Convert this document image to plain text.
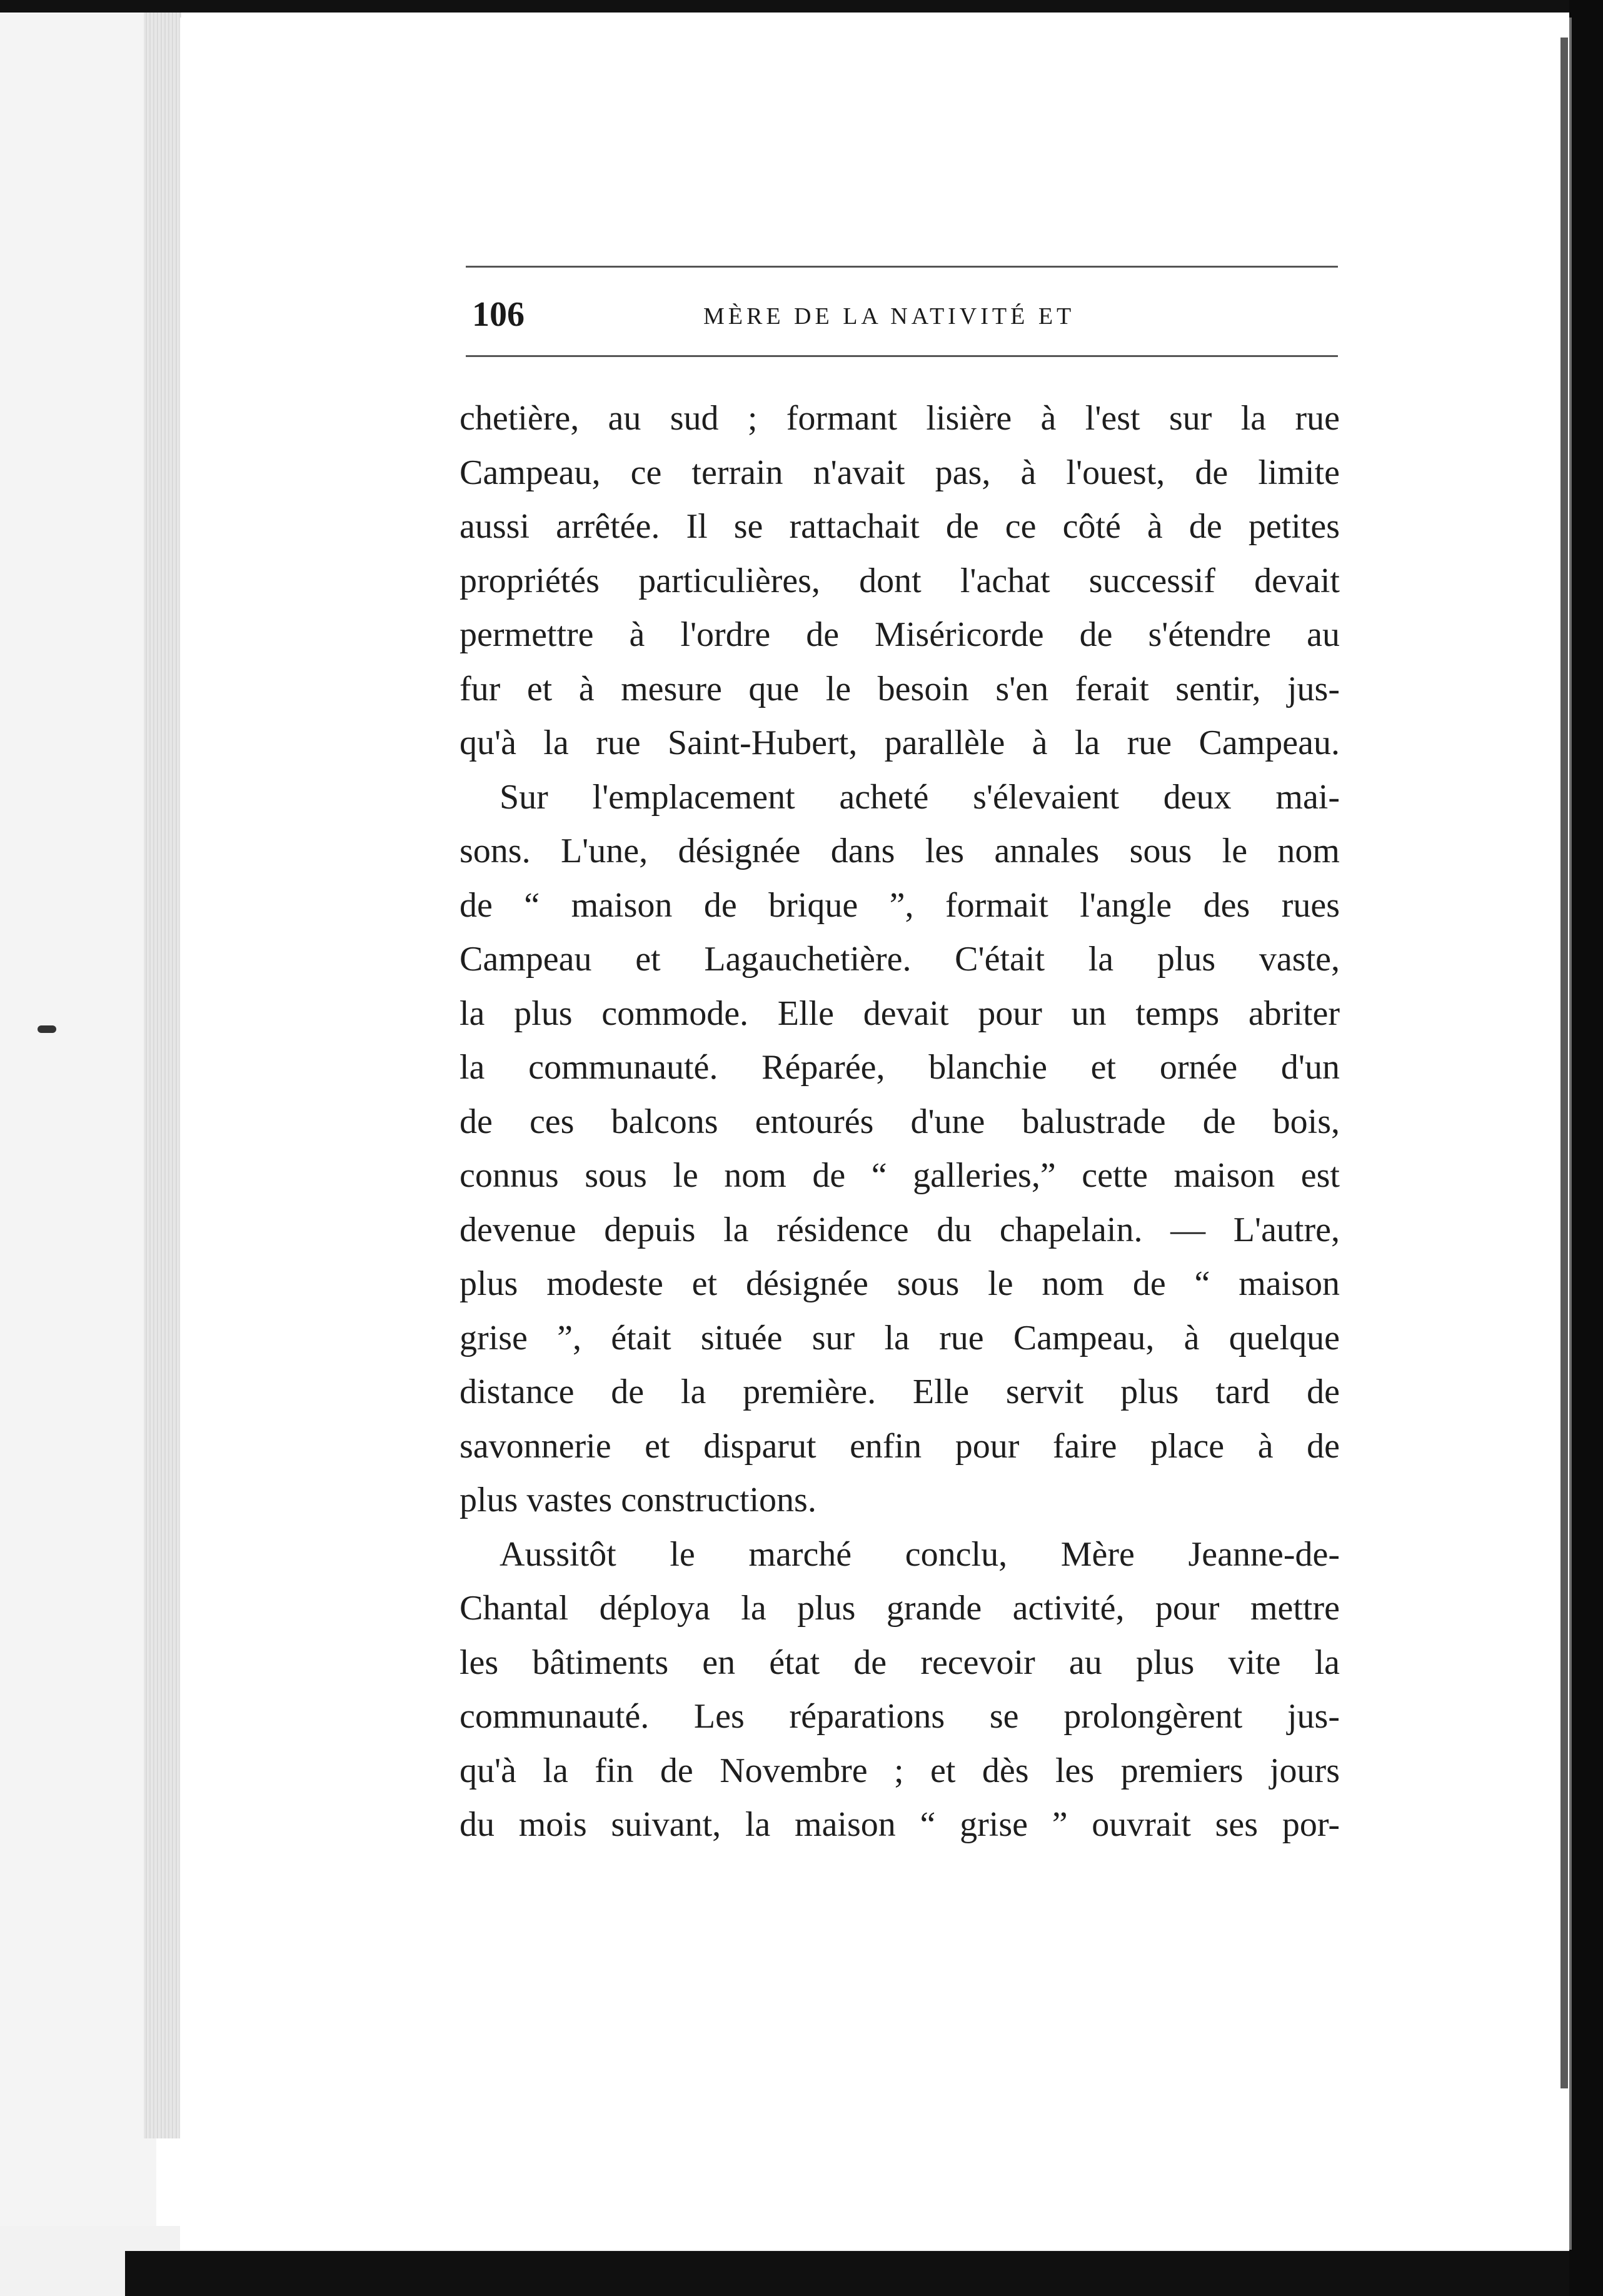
106	MÈRE DE LA NATIVITÉ ET
chetière, au sud ; formant lisière à l'est sur la rue
Campeau, ce terrain n'avait pas, à l'ouest, de limite
aussi arrêtée. Il se rattachait de ce côté à de petites
propriétés particulières, dont l'achat successif devait
permettre à l'ordre de Miséricorde de s'étendre au
fur et à mesure que le besoin s'en ferait sentir, jus-
qu'à la rue Saint-Hubert, parallèle à la rue Campeau.
Sur l'emplacement acheté s'élevaient deux mai-
sons. L'une, désignée dans les annales sous le nom
de “ maison de brique ”, formait l'angle des rues
Campeau et Lagauchetière. C'était la plus vaste,
la plus commode. Elle devait pour un temps abriter
la communauté. Réparée, blanchie et ornée d'un
de ces balcons entourés d'une balustrade de bois,
connus sous le nom de “ galleries,” cette maison est
devenue depuis la résidence du chapelain. — L'autre,
plus modeste et désignée sous le nom de “ maison
grise ”, était située sur la rue Campeau, à quelque
distance de la première. Elle servit plus tard de
savonnerie et disparut enfin pour faire place à de
plus vastes constructions.
Aussitôt le marché conclu, Mère Jeanne-de-
Chantal déploya la plus grande activité, pour mettre
les bâtiments en état de recevoir au plus vite la
communauté. Les réparations se prolongèrent jus-
qu'à la fin de Novembre ; et dès les premiers jours
du mois suivant, la maison “ grise ” ouvrait ses por-
